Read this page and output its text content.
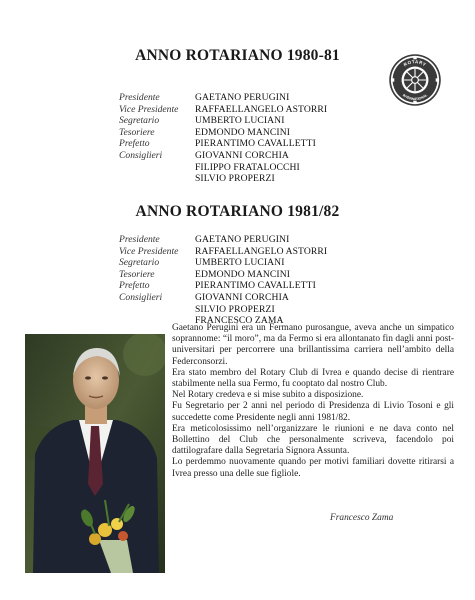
ANNO ROTARIANO 1980-81
ROTARY
INTERNATIONAL
Presidente	GAETANO PERUGINI
Vice Presidente	RAFFAELLANGELO ASTORRI
Segretario	UMBERTO LUCIANI
Tesoriere	EDMONDO MANCINI
Prefetto	PIERANTIMO CAVALLETTI
Consiglieri	GIOVANNI CORCHIA
FILIPPO FRATALOCCHI
SILVIO PROPERZI
ANNO ROTARIANO 1981/82
Presidente	GAETANO PERUGINI
Vice Presidente	RAFFAELLANGELO ASTORRI
Segretario	UMBERTO LUCIANI
Tesoriere	EDMONDO MANCINI
Prefetto	PIERANTIMO CAVALLETTI
Consiglieri	GIOVANNI CORCHIA
SILVIO PROPERZI
FRANCESCO ZAMA

Gaetano Perugini era un Fermano purosangue, aveva anche un simpatico soprannome: “il moro”, ma da Fermo si era allontanato fin dagli anni post-universitari per percorrere una brillantissima carriera nell’ambito della Federconsorzi.

Era stato membro del Rotary Club di Ivrea e quando decise di rientrare stabilmente nella sua Fermo, fu cooptato dal nostro Club.

Nel Rotary credeva e si mise subito a disposizione.

Fu Segretario per 2 anni nel periodo di Presidenza di Livio Tosoni e gli succedette come Presidente negli anni 1981/82.

Era meticolosissimo nell’organizzare le riunioni e ne dava conto nel Bollettino del Club che personalmente scriveva, facendolo poi dattilografare dalla Segretaria Signora Assunta.

Lo perdemmo nuovamente quando per motivi familiari dovette ritirarsi a Ivrea presso una delle sue figliole.

Francesco Zama
